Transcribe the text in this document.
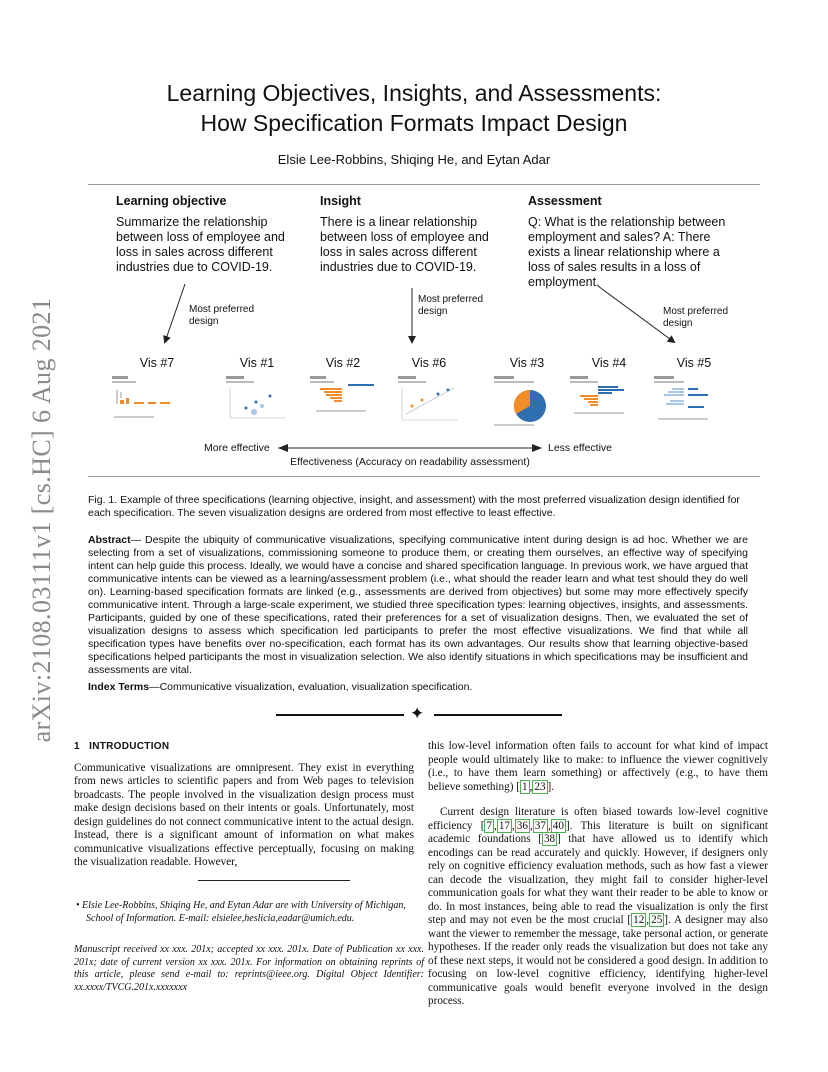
arXiv:2108.03111v1 [cs.HC] 6 Aug 2021
Learning Objectives, Insights, and Assessments:
How Specification Formats Impact Design
Elsie Lee-Robbins, Shiqing He, and Eytan Adar
Learning objective

Summarize the relationship between loss of employee and loss in sales across different industries due to COVID-19.

Insight

There is a linear relationship between loss of employee and loss in sales across different industries due to COVID-19.

Assessment

Q: What is the relationship between employment and sales? A: There exists a linear relationship where a loss of sales results in a loss of employment.

Most preferred
design
Most preferred
design	Most preferred
design
Vis #7	Vis #1	Vis #2	Vis #6	Vis #3	Vis #4	Vis #5
More effective	Less effective
Effectiveness (Accuracy on readability assessment)
Fig. 1. Example of three specifications (learning objective, insight, and assessment) with the most preferred visualization design identified for each specification. The seven visualization designs are ordered from most effective to least effective.
Abstract— Despite the ubiquity of communicative visualizations, specifying communicative intent during design is ad hoc. Whether we are selecting from a set of visualizations, commissioning someone to produce them, or creating them ourselves, an effective way of specifying intent can help guide this process. Ideally, we would have a concise and shared specification language. In previous work, we have argued that communicative intents can be viewed as a learning/assessment problem (i.e., what should the reader learn and what test should they do well on). Learning-based specification formats are linked (e.g., assessments are derived from objectives) but some may more effectively specify communicative intent. Through a large-scale experiment, we studied three specification types: learning objectives, insights, and assessments. Participants, guided by one of these specifications, rated their preferences for a set of visualization designs. Then, we evaluated the set of visualization designs to assess which specification led participants to prefer the most effective visualizations. We find that while all specification types have benefits over no-specification, each format has its own advantages. Our results show that learning objective-based specifications helped participants the most in visualization selection. We also identify situations in which specifications may be insufficient and assessments are vital.
Index Terms—Communicative visualization, evaluation, visualization specification.
✦
1 INTRODUCTION

Communicative visualizations are omnipresent. They exist in everything from news articles to scientific papers and from Web pages to television broadcasts. The people involved in the visualization design process must make design decisions based on their intents or goals. Unfortunately, most design guidelines do not connect communicative intent to the actual design. Instead, there is a significant amount of information on what makes communicative visualizations effective perceptually, focusing on making the visualization readable. However,

• Elsie Lee-Robbins, Shiqing He, and Eytan Adar are with University of Michigan, School of Information. E-mail: elsielee,heslicia,eadar@umich.edu.
Manuscript received xx xxx. 201x; accepted xx xxx. 201x. Date of Publication xx xxx. 201x; date of current version xx xxx. 201x. For information on obtaining reprints of this article, please send e-mail to: reprints@ieee.org. Digital Object Identifier: xx.xxxx/TVCG.201x.xxxxxxx

this low-level information often fails to account for what kind of impact people would ultimately like to make: to influence the viewer cognitively (i.e., to have them learn something) or affectively (e.g., to have them believe something) [ 1 , 23 ].

Current design literature is often biased towards low-level cognitive efficiency [ 7 , 17 , 36 , 37 , 40 ]. This literature is built on significant academic foundations [ 38 ] that have allowed us to identify which encodings can be read accurately and quickly. However, if designers only rely on cognitive efficiency evaluation methods, such as how fast a viewer can decode the visualization, they might fail to consider higher-level communication goals for what they want their reader to be able to know or do. In most instances, being able to read the visualization is only the first step and may not even be the most crucial [ 12 , 25 ]. A designer may also want the viewer to remember the message, take personal action, or generate hypotheses. If the reader only reads the visualization but does not take any of these next steps, it would not be considered a good design. In addition to focusing on low-level cognitive efficiency, identifying higher-level communicative goals would benefit everyone involved in the design process.
